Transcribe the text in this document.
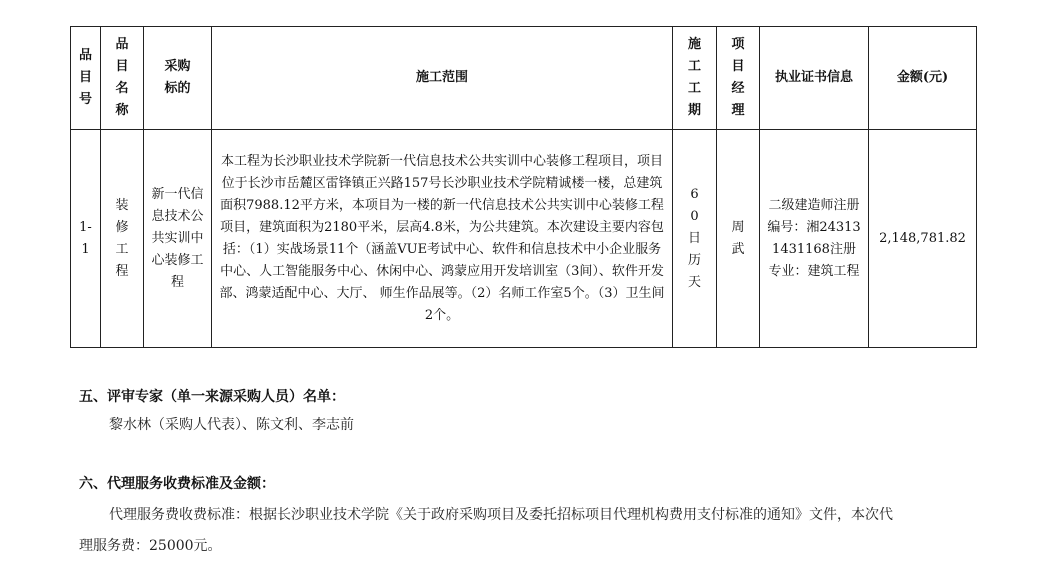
品目号	品目名称	采购标的	施工范围	施工工期	项目经理	执业证书信息	金额(元)

1-1	装修工程	新一代信息技术公共实训中心装修工程	本工程为长沙职业技术学院新一代信息技术公共实训中心装修工程项目，项目位于长沙市岳麓区雷锋镇正兴路157号长沙职业技术学院精诚楼一楼，总建筑面积7988.12平方米，本项目为一楼的新一代信息技术公共实训中心装修工程项目，建筑面积为2180平米，层高4.8米，为公共建筑。本次建设主要内容包括：（1）实战场景11个（涵盖VUE考试中心、软件和信息技术中小企业服务中心、人工智能服务中心、休闲中心、鸿蒙应用开发培训室（3间）、软件开发部、鸿蒙适配中心、大厅、 师生作品展等。（2）名师工作室5个。（3）卫生间2个。	60日历天	周武	二级建造师注册编号：湘243131431168注册专业：建筑工程	2,148,781.82
五、评审专家（单一来源采购人员）名单：
黎水林（采购人代表）、陈文利、李志前
六、代理服务收费标准及金额：
代理服务费收费标准：根据长沙职业技术学院《关于政府采购项目及委托招标项目代理机构费用支付标准的通知》文件，本次代
理服务费：25000元。
